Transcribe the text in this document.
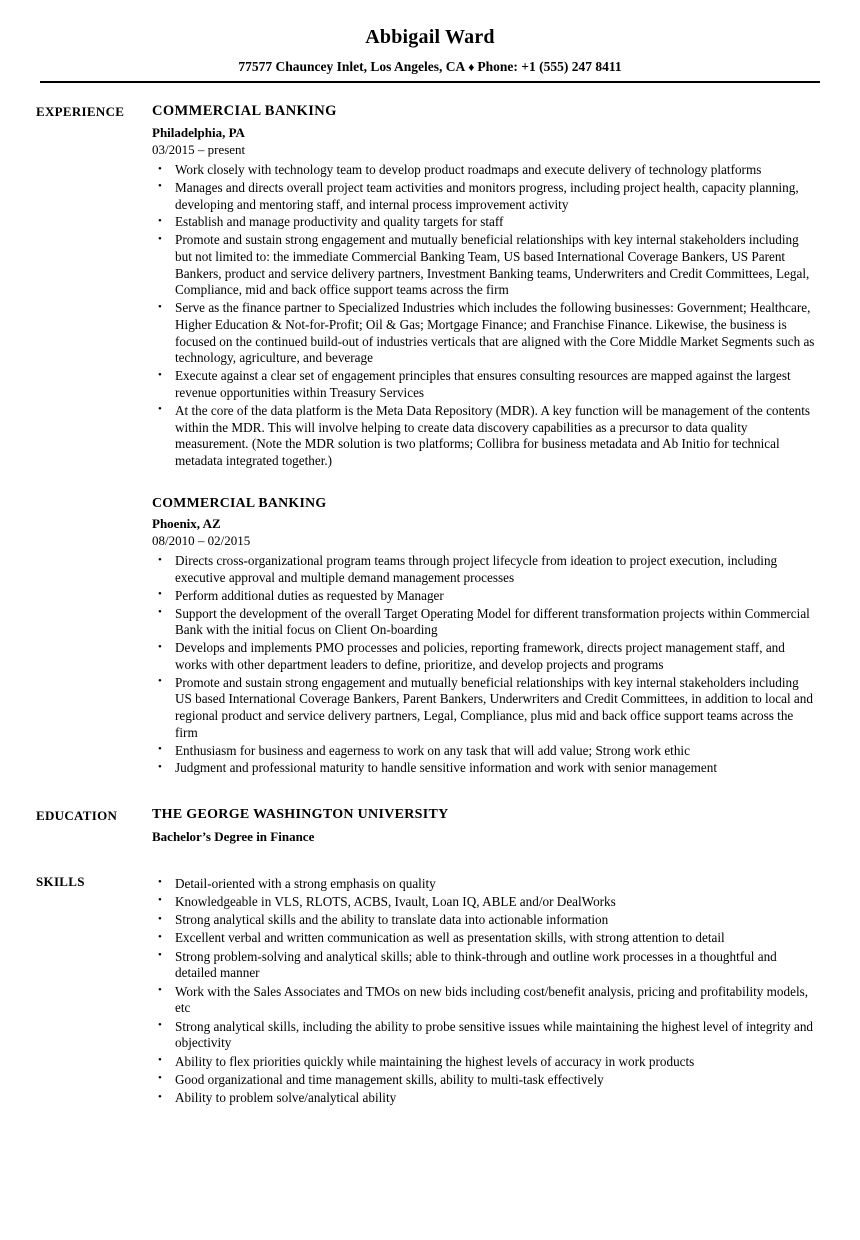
Abbigail Ward
77577 Chauncey Inlet, Los Angeles, CA ♦ Phone: +1 (555) 247 8411
EXPERIENCE	COMMERCIAL BANKING
Philadelphia, PA
03/2015 – present
• Work closely with technology team to develop product roadmaps and execute delivery of technology platforms
• Manages and directs overall project team activities and monitors progress, including project health, capacity planning, developing and mentoring staff, and internal process improvement activity
• Establish and manage productivity and quality targets for staff
• Promote and sustain strong engagement and mutually beneficial relationships with key internal stakeholders including but not limited to: the immediate Commercial Banking Team, US based International Coverage Bankers, US Parent Bankers, product and service delivery partners, Investment Banking teams, Underwriters and Credit Committees, Legal, Compliance, mid and back office support teams across the firm
• Serve as the finance partner to Specialized Industries which includes the following businesses: Government; Healthcare, Higher Education & Not-for-Profit; Oil & Gas; Mortgage Finance; and Franchise Finance. Likewise, the business is focused on the continued build-out of industries verticals that are aligned with the Core Middle Market Segments such as technology, agriculture, and beverage
• Execute against a clear set of engagement principles that ensures consulting resources are mapped against the largest revenue opportunities within Treasury Services
• At the core of the data platform is the Meta Data Repository (MDR). A key function will be management of the contents within the MDR. This will involve helping to create data discovery capabilities as a precursor to data quality measurement. (Note the MDR solution is two platforms; Collibra for business metadata and Ab Initio for technical metadata integrated together.)
COMMERCIAL BANKING
Phoenix, AZ
08/2010 – 02/2015
• Directs cross-organizational program teams through project lifecycle from ideation to project execution, including executive approval and multiple demand management processes
• Perform additional duties as requested by Manager
• Support the development of the overall Target Operating Model for different transformation projects within Commercial Bank with the initial focus on Client On-boarding
• Develops and implements PMO processes and policies, reporting framework, directs project management staff, and works with other department leaders to define, prioritize, and develop projects and programs
• Promote and sustain strong engagement and mutually beneficial relationships with key internal stakeholders including US based International Coverage Bankers, Parent Bankers, Underwriters and Credit Committees, in addition to local and regional product and service delivery partners, Legal, Compliance, plus mid and back office support teams across the firm
• Enthusiasm for business and eagerness to work on any task that will add value; Strong work ethic
• Judgment and professional maturity to handle sensitive information and work with senior management
EDUCATION	THE GEORGE WASHINGTON UNIVERSITY
Bachelor’s Degree in Finance
SKILLS	• Detail-oriented with a strong emphasis on quality
• Knowledgeable in VLS, RLOTS, ACBS, Ivault, Loan IQ, ABLE and/or DealWorks
• Strong analytical skills and the ability to translate data into actionable information
• Excellent verbal and written communication as well as presentation skills, with strong attention to detail
• Strong problem-solving and analytical skills; able to think-through and outline work processes in a thoughtful and detailed manner
• Work with the Sales Associates and TMOs on new bids including cost/benefit analysis, pricing and profitability models, etc
• Strong analytical skills, including the ability to probe sensitive issues while maintaining the highest level of integrity and objectivity
• Ability to flex priorities quickly while maintaining the highest levels of accuracy in work products
• Good organizational and time management skills, ability to multi-task effectively
• Ability to problem solve/analytical ability
